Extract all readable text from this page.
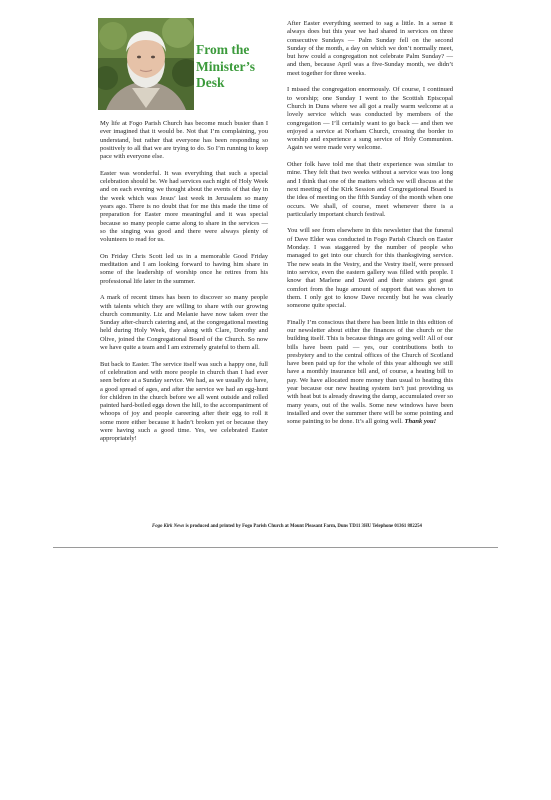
From the
Minister’s
Desk

My life at Fogo Parish Church has become much busier than I ever imagined that it would be. Not that I’m complaining, you understand, but rather that everyone has been responding so positively to all that we are trying to do. So I’m running to keep pace with everyone else.

Easter was wonderful. It was everything that such a special celebration should be. We had services each night of Holy Week and on each evening we thought about the events of that day in the week which was Jesus’ last week in Jerusalem so many years ago. There is no doubt that for me this made the time of preparation for Easter more meaningful and it was special because so many people came along to share in the services — so the singing was good and there were always plenty of volunteers to read for us.

On Friday Chris Scott led us in a memorable Good Friday meditation and I am looking forward to having him share in some of the leadership of worship once he retires from his professional life later in the summer.

A mark of recent times has been to discover so many people with talents which they are willing to share with our growing church community. Liz and Melanie have now taken over the Sunday after-church catering and, at the congregational meeting held during Holy Week, they along with Clare, Dorothy and Olive, joined the Congregational Board of the Church. So now we have quite a team and I am extremely grateful to them all.

But back to Easter. The service itself was such a happy one, full of celebration and with more people in church than I had ever seen before at a Sunday service. We had, as we usually do have, a good spread of ages, and after the service we had an egg-hunt for children in the church before we all went outside and rolled painted hard-boiled eggs down the hill, to the accompaniment of whoops of joy and people careering after their egg to roll it some more either because it hadn’t broken yet or because they were having such a good time. Yes, we celebrated Easter appropriately!

After Easter everything seemed to sag a little. In a sense it always does but this year we had shared in services on three consecutive Sundays — Palm Sunday fell on the second Sunday of the month, a day on which we don’t normally meet, but how could a congregation not celebrate Palm Sunday? — and then, because April was a five-Sunday month, we didn’t meet together for three weeks.

I missed the congregation enormously. Of course, I continued to worship; one Sunday I went to the Scottish Episcopal Church in Duns where we all got a really warm welcome at a lovely service which was conducted by members of the congregation — I’ll certainly want to go back — and then we enjoyed a service at Norham Church, crossing the border to worship and experience a sung service of Holy Communion. Again we were made very welcome.

Other folk have told me that their experience was similar to mine. They felt that two weeks without a service was too long and I think that one of the matters which we will discuss at the next meeting of the Kirk Session and Congregational Board is the idea of meeting on the fifth Sunday of the month when one occurs. We shall, of course, meet whenever there is a particularly important church festival.

You will see from elsewhere in this newsletter that the funeral of Dave Elder was conducted in Fogo Parish Church on Easter Monday. I was staggered by the number of people who managed to get into our church for this thanksgiving service. The new seats in the Vestry, and the Vestry itself, were pressed into service, even the eastern gallery was filled with people. I know that Marlene and David and their sisters got great comfort from the huge amount of support that was shown to them. I only got to know Dave recently but he was clearly someone quite special.

Finally I’m conscious that there has been little in this edition of our newsletter about either the finances of the church or the building itself. This is because things are going well! All of our bills have been paid — yes, our contributions both to presbytery and to the central offices of the Church of Scotland have been paid up for the whole of this year although we still have a monthly insurance bill and, of course, a heating bill to pay. We have allocated more money than usual to heating this year because our new heating system isn’t just providing us with heat but is already drawing the damp, accumulated over so many years, out of the walls. Some new windows have been installed and over the summer there will be some pointing and some painting to be done. It’s all going well. Thank you!

Fogo Kirk News is produced and printed by Fogo Parish Church at Mount Pleasant Farm, Duns TD11 3HU Telephone 01361 882254
